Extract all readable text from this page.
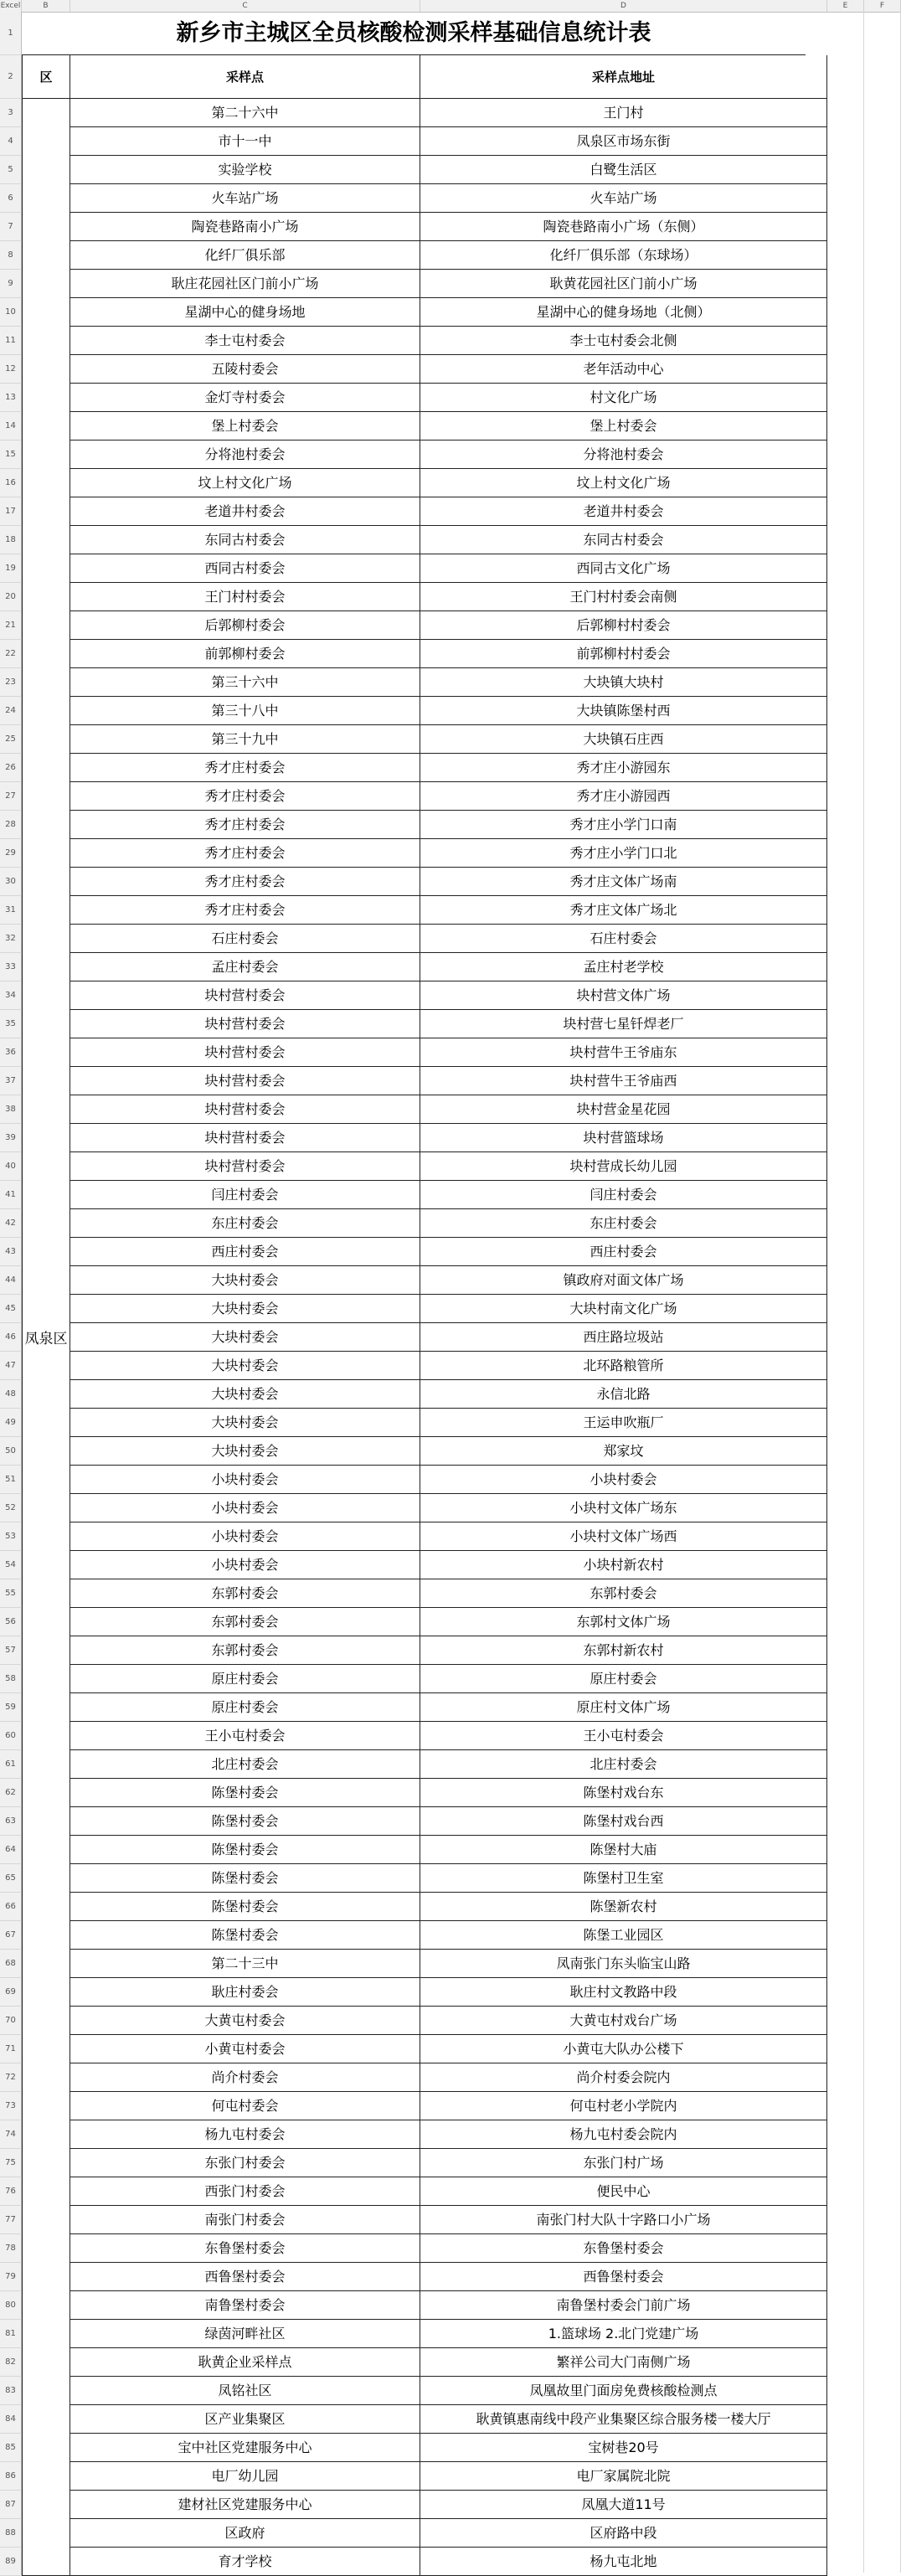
Excel	B	C	D	E	F
1
2
3
4
5
6
7
8
9
10
11
12
13
14
15
16
17
18
19
20
21
22
23
24
25
26
27
28
29
30
31
32
33
34
35
36
37
38
39
40
41
42
43
44
45
46
47
48
49
50
51
52
53
54
55
56
57
58
59
60
61
62
63
64
65
66
67
68
69
70
71
72
73
74
75
76
77
78
79
80
81
82
83
84
85
86
87
88
89
新乡市主城区全员核酸检测采样基础信息统计表
区	采样点	采样点地址
第二十六中	王门村
市十一中	凤泉区市场东街
实验学校	白鹭生活区
火车站广场	火车站广场
陶瓷巷路南小广场	陶瓷巷路南小广场（东侧）
化纤厂俱乐部	化纤厂俱乐部（东球场）
耿庄花园社区门前小广场	耿黄花园社区门前小广场
星湖中心的健身场地	星湖中心的健身场地（北侧）
李士屯村委会	李士屯村委会北侧
五陵村委会	老年活动中心
金灯寺村委会	村文化广场
堡上村委会	堡上村委会
分将池村委会	分将池村委会
坟上村文化广场	坟上村文化广场
老道井村委会	老道井村委会
东同古村委会	东同古村委会
西同古村委会	西同古文化广场
王门村村委会	王门村村委会南侧
后郭柳村委会	后郭柳村村委会
前郭柳村委会	前郭柳村村委会
第三十六中	大块镇大块村
第三十八中	大块镇陈堡村西
第三十九中	大块镇石庄西
秀才庄村委会	秀才庄小游园东
秀才庄村委会	秀才庄小游园西
秀才庄村委会	秀才庄小学门口南
秀才庄村委会	秀才庄小学门口北
秀才庄村委会	秀才庄文体广场南
秀才庄村委会	秀才庄文体广场北
石庄村委会	石庄村委会
孟庄村委会	孟庄村老学校
块村营村委会	块村营文体广场
块村营村委会	块村营七星钎焊老厂
块村营村委会	块村营牛王爷庙东
块村营村委会	块村营牛王爷庙西
块村营村委会	块村营金星花园
块村营村委会	块村营篮球场
块村营村委会	块村营成长幼儿园
闫庄村委会	闫庄村委会
东庄村委会	东庄村委会
西庄村委会	西庄村委会
大块村委会	镇政府对面文体广场
大块村委会	大块村南文化广场
大块村委会	西庄路垃圾站
大块村委会	北环路粮管所
大块村委会	永信北路
大块村委会	王运申吹瓶厂
大块村委会	郑家坟
小块村委会	小块村委会
小块村委会	小块村文体广场东
小块村委会	小块村文体广场西
小块村委会	小块村新农村
东郭村委会	东郭村委会
东郭村委会	东郭村文体广场
东郭村委会	东郭村新农村
原庄村委会	原庄村委会
原庄村委会	原庄村文体广场
王小屯村委会	王小屯村委会
北庄村委会	北庄村委会
陈堡村委会	陈堡村戏台东
陈堡村委会	陈堡村戏台西
陈堡村委会	陈堡村大庙
陈堡村委会	陈堡村卫生室
陈堡村委会	陈堡新农村
陈堡村委会	陈堡工业园区
第二十三中	凤南张门东头临宝山路
耿庄村委会	耿庄村文教路中段
大黄屯村委会	大黄屯村戏台广场
小黄屯村委会	小黄屯大队办公楼下
尚介村委会	尚介村委会院内
何屯村委会	何屯村老小学院内
杨九屯村委会	杨九屯村委会院内
东张门村委会	东张门村广场
西张门村委会	便民中心
南张门村委会	南张门村大队十字路口小广场
东鲁堡村委会	东鲁堡村委会
西鲁堡村委会	西鲁堡村委会
南鲁堡村委会	南鲁堡村委会门前广场
绿茵河畔社区	1.篮球场 2.北门党建广场
耿黄企业采样点	繁祥公司大门南侧广场
凤铭社区	凤凰故里门面房免费核酸检测点
区产业集聚区	耿黄镇惠南线中段产业集聚区综合服务楼一楼大厅
宝中社区党建服务中心	宝树巷20号
电厂幼儿园	电厂家属院北院
建材社区党建服务中心	凤凰大道11号
区政府	区府路中段
育才学校	杨九屯北地
凤泉区
